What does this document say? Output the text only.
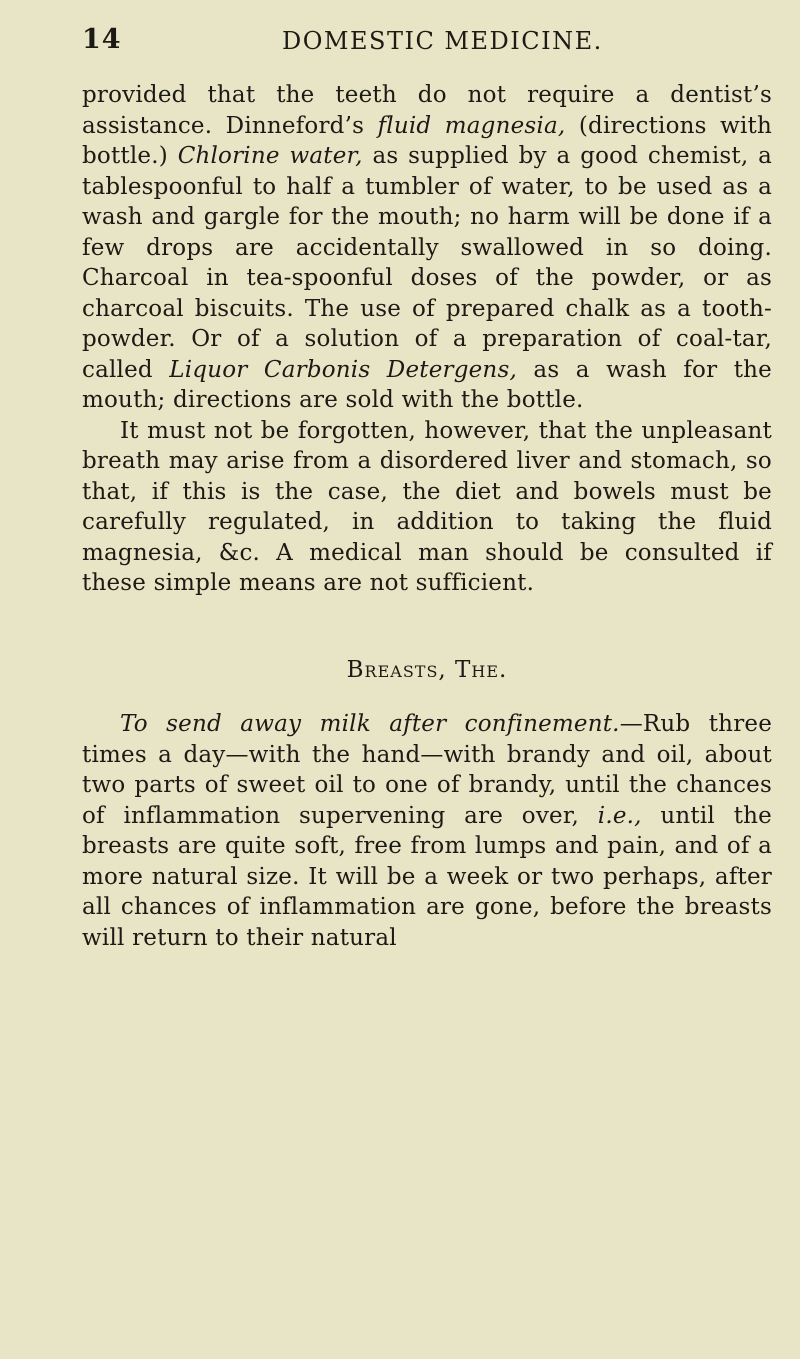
14	DOMESTIC MEDICINE.

provided that the teeth do not require a dentist’s assistance. Dinneford’s fluid magnesia, (directions with bottle.) Chlorine water, as supplied by a good chemist, a tablespoonful to half a tumbler of water, to be used as a wash and gargle for the mouth; no harm will be done if a few drops are accidentally swallowed in so doing. Charcoal in tea-spoonful doses of the powder, or as charcoal biscuits. The use of prepared chalk as a tooth-powder. Or of a solution of a preparation of coal-tar, called Liquor Carbonis Detergens, as a wash for the mouth; directions are sold with the bottle.

It must not be forgotten, however, that the unpleasant breath may arise from a disordered liver and stomach, so that, if this is the case, the diet and bowels must be carefully regulated, in addition to taking the fluid magnesia, &c. A medical man should be consulted if these simple means are not sufficient.

Breasts, The.

To send away milk after confinement.—Rub three times a day—with the hand—with brandy and oil, about two parts of sweet oil to one of brandy, until the chances of inflammation supervening are over, i.e., until the breasts are quite soft, free from lumps and pain, and of a more natural size. It will be a week or two perhaps, after all chances of inflammation are gone, before the breasts will return to their natural
